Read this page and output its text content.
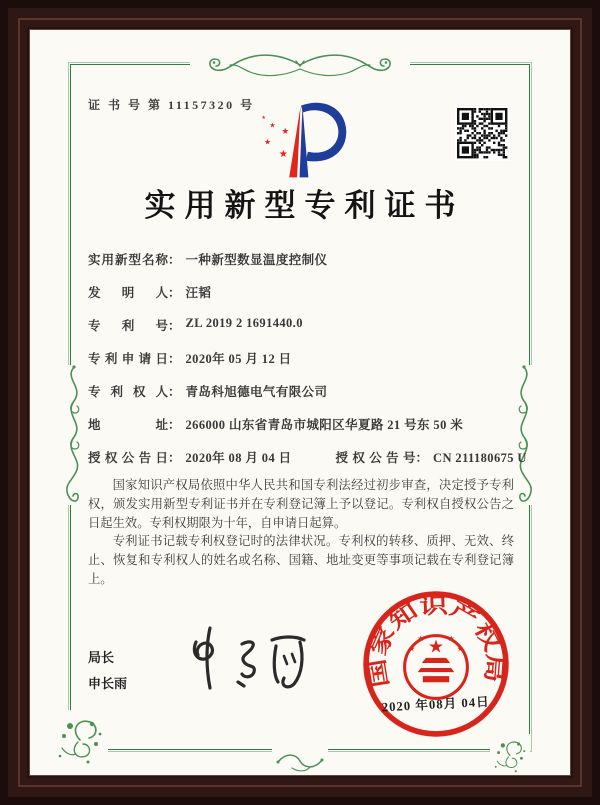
证 书 号 第 11157320 号
实用新型专利证书
实用新型名称 ： 一种新型数显温度控制仪
发明人 ： 汪韬
专利号 ： ZL 2019 2 1691440.0
专利申请日 ： 2020年 05 月 12 日
专利权人 ： 青岛科旭德电气有限公司
地址 ： 266000 山东省青岛市城阳区华夏路 21 号东 50 米
授权公告日： 2020年 08 月 04 日	授权公告号： CN 211180675 U

国家知识产权局依照中华人民共和国专利法经过初步审查，决定授予专利权，颁发实用新型专利证书并在专利登记簿上予以登记。专利权自授权公告之日起生效。专利权期限为十年，自申请日起算。

专利证书记载专利权登记时的法律状况。专利权的转移、质押、无效、终止、恢复和专利权人的姓名或名称、国籍、地址变更等事项记载在专利登记簿上。

局长
申长雨	国家知识产权局
2020 年08月 04日
